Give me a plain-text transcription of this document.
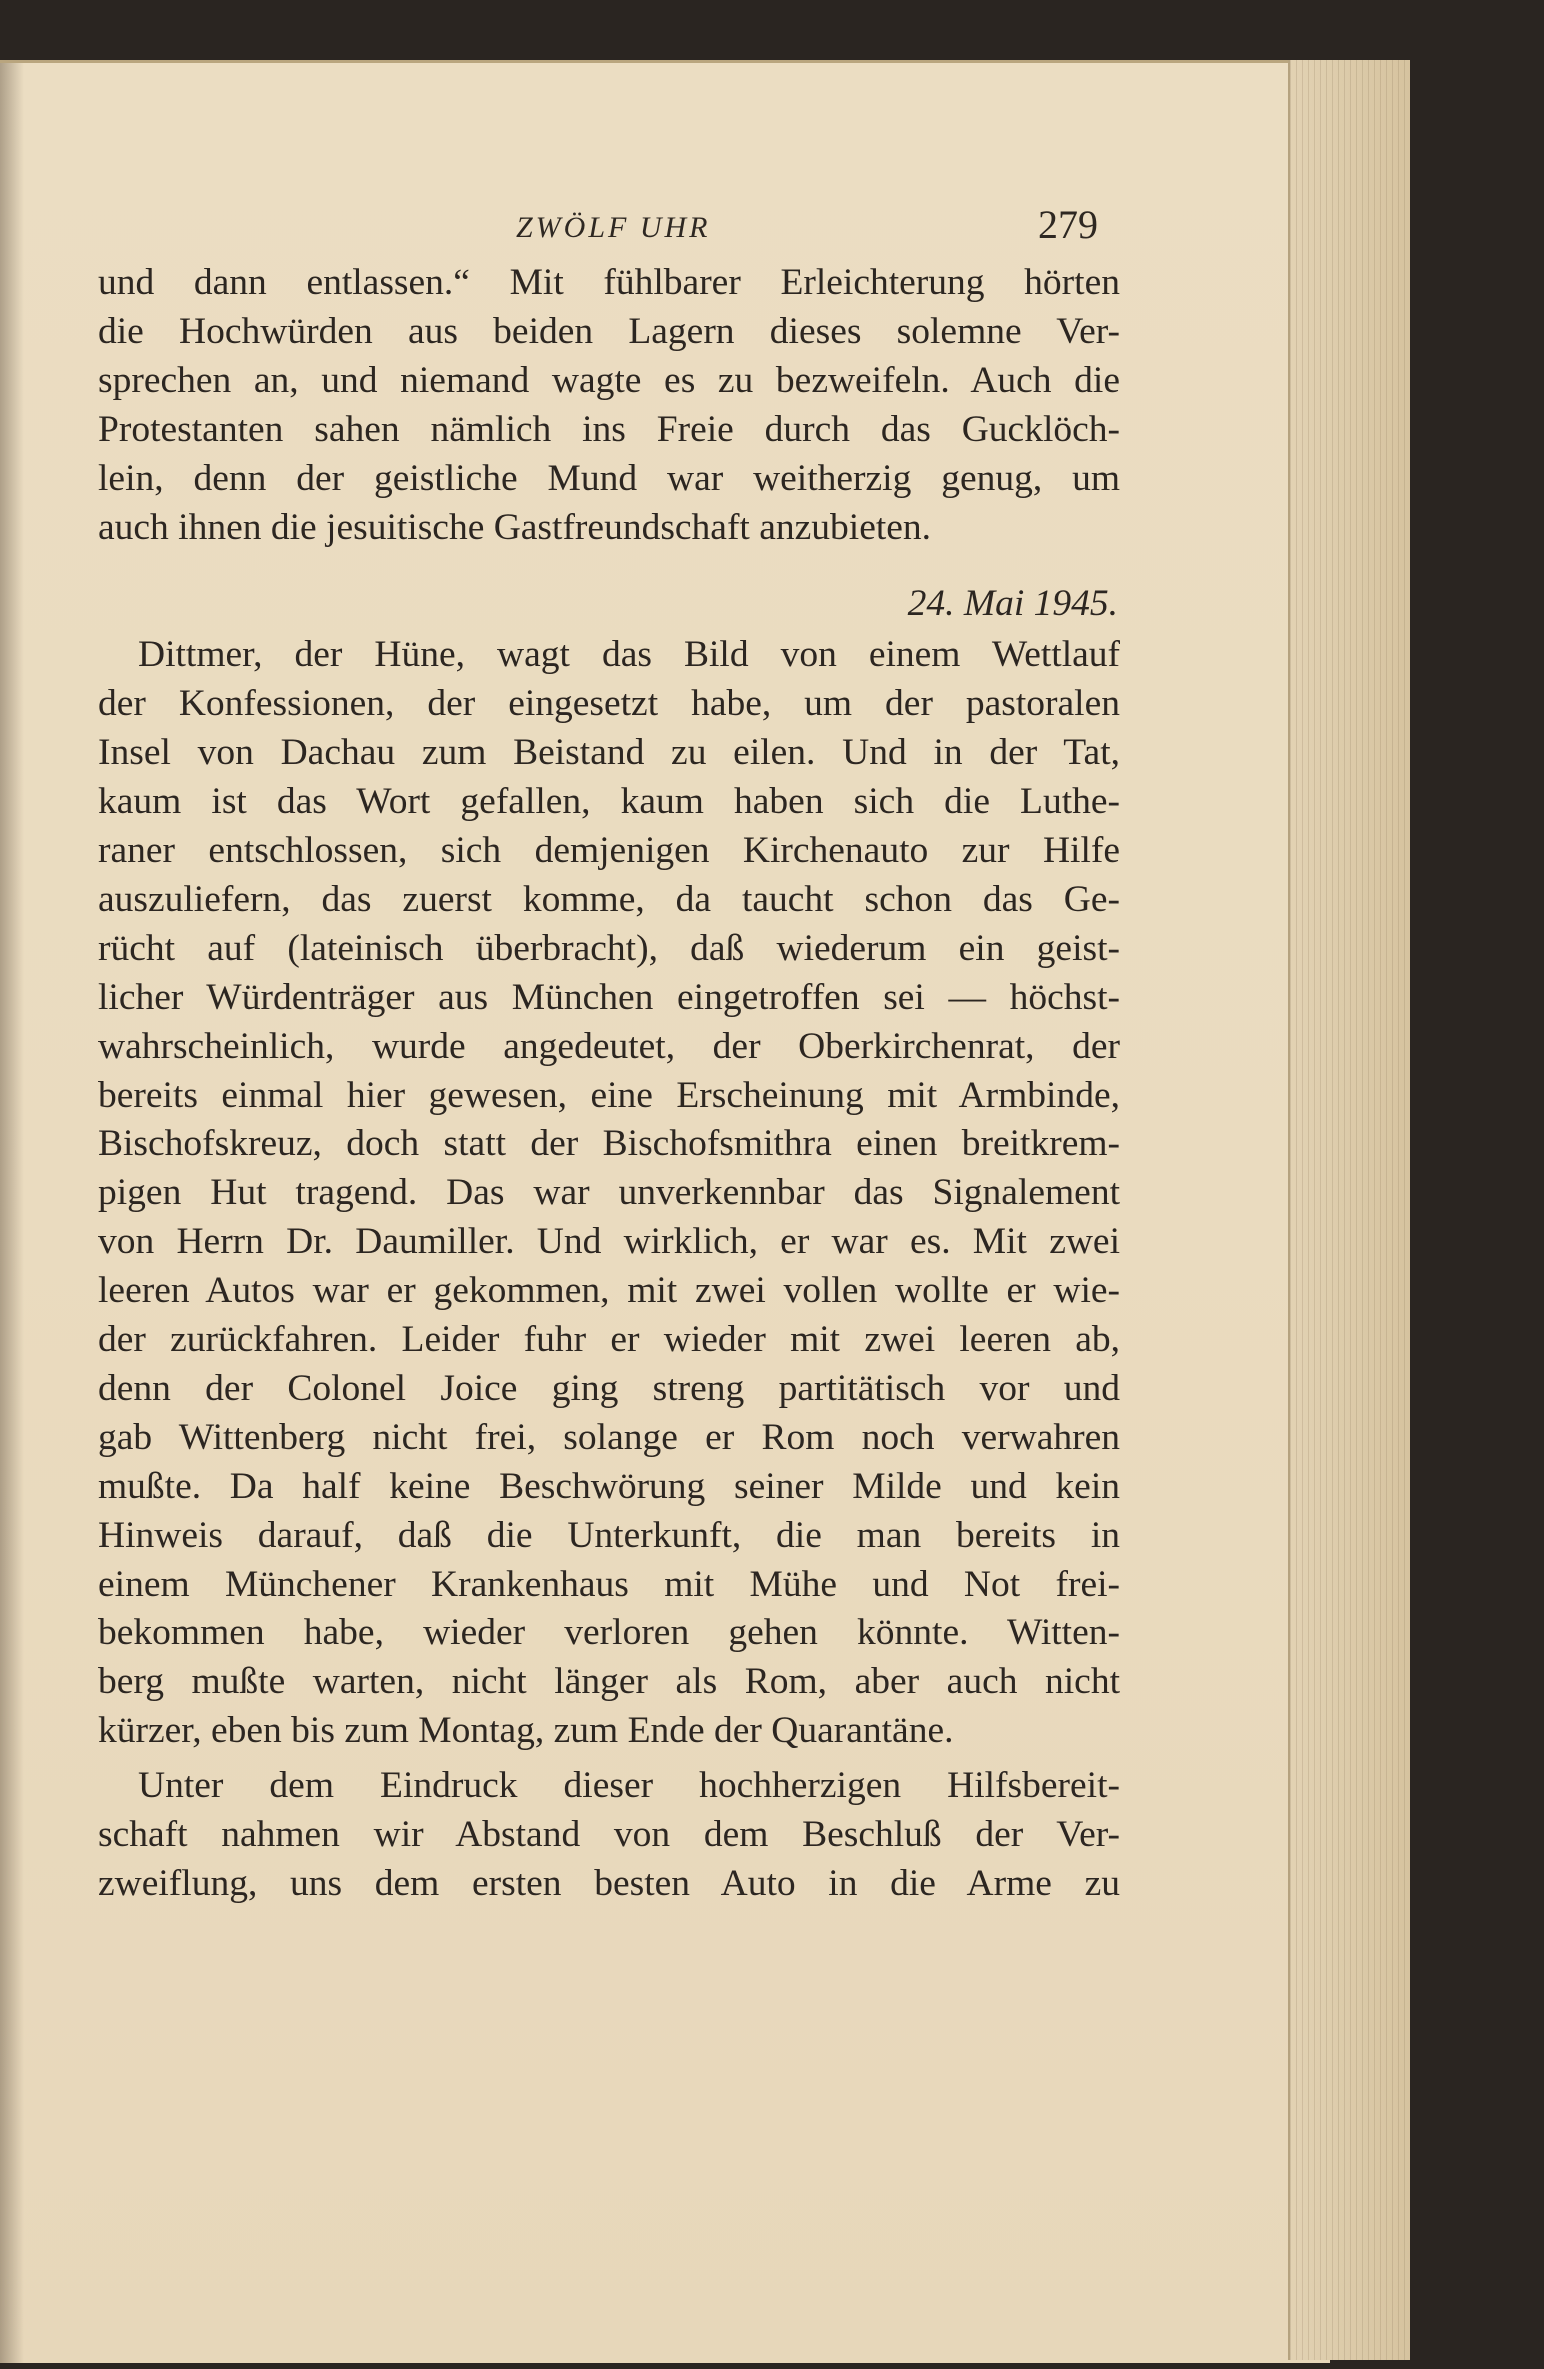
ZWÖLF UHR	279
und dann entlassen.“ Mit fühlbarer Erleichterung hörten
die Hochwürden aus beiden Lagern dieses solemne Ver-
sprechen an, und niemand wagte es zu bezweifeln. Auch die
Protestanten sahen nämlich ins Freie durch das Gucklöch-
lein, denn der geistliche Mund war weitherzig genug, um
auch ihnen die jesuitische Gastfreundschaft anzubieten.
24. Mai 1945.
Dittmer, der Hüne, wagt das Bild von einem Wettlauf
der Konfessionen, der eingesetzt habe, um der pastoralen
Insel von Dachau zum Beistand zu eilen. Und in der Tat,
kaum ist das Wort gefallen, kaum haben sich die Luthe-
raner entschlossen, sich demjenigen Kirchenauto zur Hilfe
auszuliefern, das zuerst komme, da taucht schon das Ge-
rücht auf (lateinisch überbracht), daß wiederum ein geist-
licher Würdenträger aus München eingetroffen sei — höchst-
wahrscheinlich, wurde angedeutet, der Oberkirchenrat, der
bereits einmal hier gewesen, eine Erscheinung mit Armbinde,
Bischofskreuz, doch statt der Bischofsmithra einen breitkrem-
pigen Hut tragend. Das war unverkennbar das Signalement
von Herrn Dr. Daumiller. Und wirklich, er war es. Mit zwei
leeren Autos war er gekommen, mit zwei vollen wollte er wie-
der zurückfahren. Leider fuhr er wieder mit zwei leeren ab,
denn der Colonel Joice ging streng partitätisch vor und
gab Wittenberg nicht frei, solange er Rom noch verwahren
mußte. Da half keine Beschwörung seiner Milde und kein
Hinweis darauf, daß die Unterkunft, die man bereits in
einem Münchener Krankenhaus mit Mühe und Not frei-
bekommen habe, wieder verloren gehen könnte. Witten-
berg mußte warten, nicht länger als Rom, aber auch nicht
kürzer, eben bis zum Montag, zum Ende der Quarantäne.
Unter dem Eindruck dieser hochherzigen Hilfsbereit-
schaft nahmen wir Abstand von dem Beschluß der Ver-
zweiflung, uns dem ersten besten Auto in die Arme zu
